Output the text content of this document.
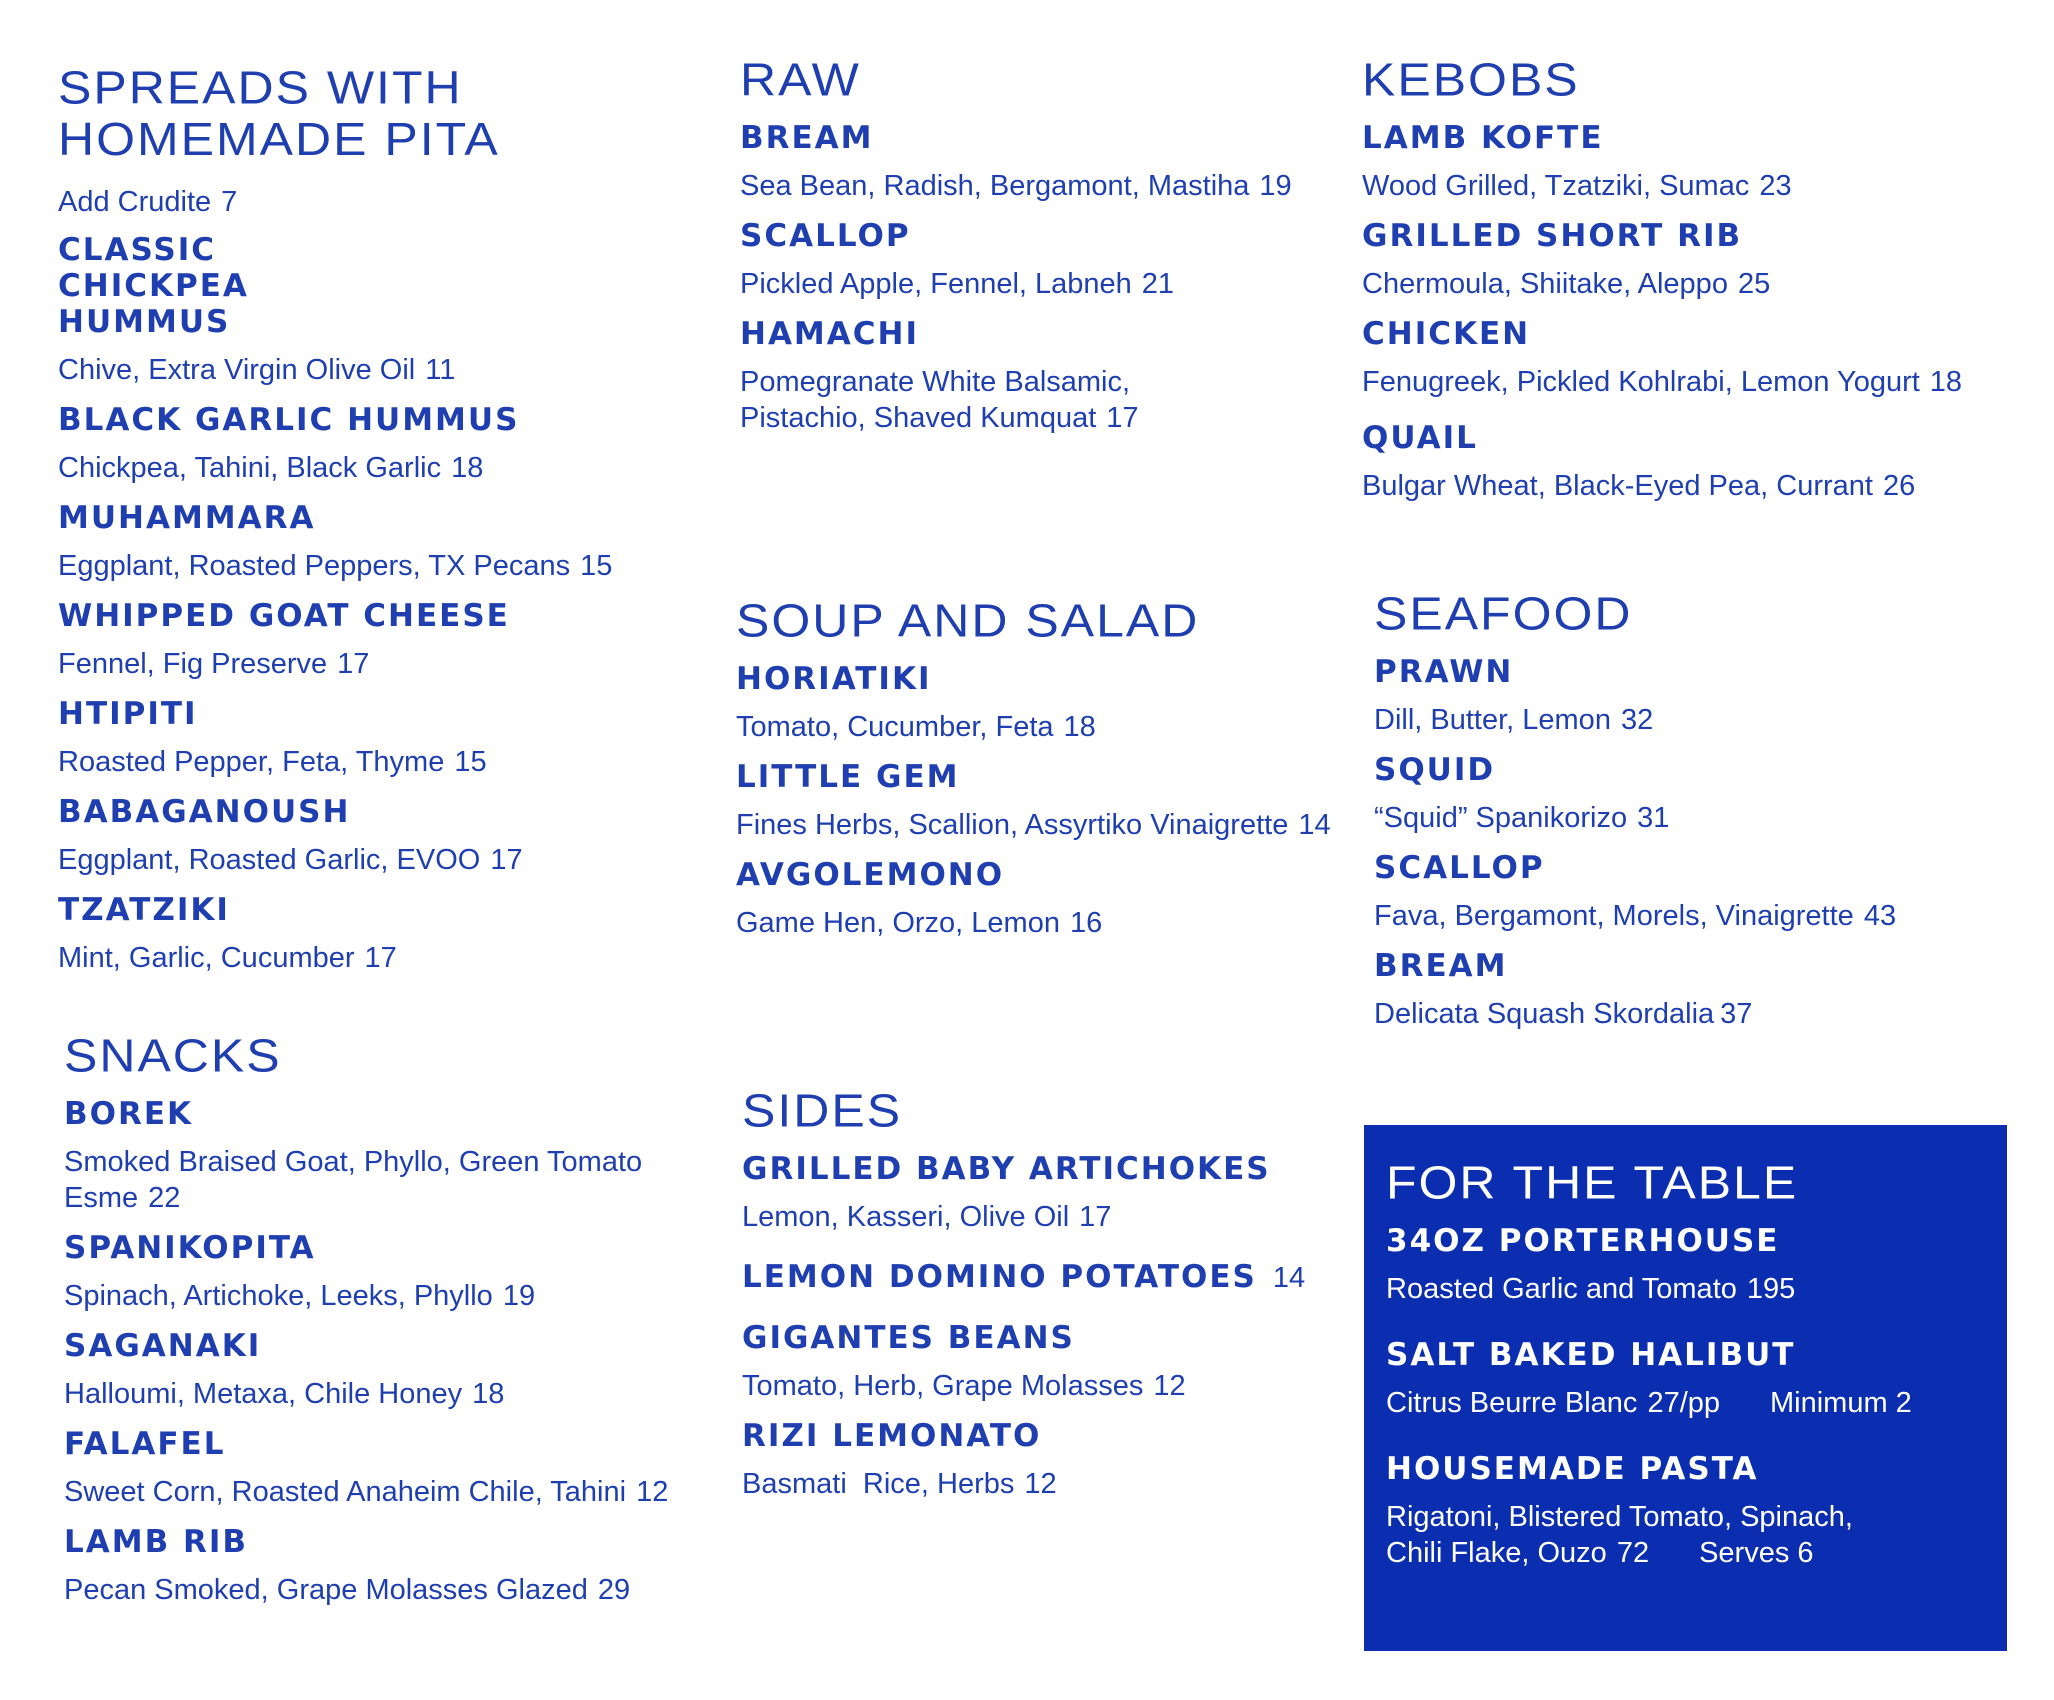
SPREADS WITH
HOMEMADE PITA
Add Crudite 7
CLASSIC CHICKPEA HUMMUS
Chive, Extra Virgin Olive Oil 11
BLACK GARLIC HUMMUS
Chickpea, Tahini, Black Garlic 18
MUHAMMARA
Eggplant, Roasted Peppers, TX Pecans 15
WHIPPED GOAT CHEESE
Fennel, Fig Preserve 17
HTIPITI
Roasted Pepper, Feta, Thyme 15
BABAGANOUSH
Eggplant, Roasted Garlic, EVOO 17
TZATZIKI
Mint, Garlic, Cucumber 17
SNACKS
BOREK
Smoked Braised Goat, Phyllo, Green Tomato Esme 22
SPANIKOPITA
Spinach, Artichoke, Leeks, Phyllo 19
SAGANAKI
Halloumi, Metaxa, Chile Honey 18
FALAFEL
Sweet Corn, Roasted Anaheim Chile, Tahini 12
LAMB RIB
Pecan Smoked, Grape Molasses Glazed 29
RAW
BREAM
Sea Bean, Radish, Bergamont, Mastiha 19
SCALLOP
Pickled Apple, Fennel, Labneh 21
HAMACHI
Pomegranate White Balsamic, Pistachio, Shaved Kumquat 17
SOUP AND SALAD
HORIATIKI
Tomato, Cucumber, Feta 18
LITTLE GEM
Fines Herbs, Scallion, Assyrtiko Vinaigrette 14
AVGOLEMONO
Game Hen, Orzo, Lemon 16
SIDES
GRILLED BABY ARTICHOKES
Lemon, Kasseri, Olive Oil 17
LEMON DOMINO POTATOES 14
GIGANTES BEANS
Tomato, Herb, Grape Molasses 12
RIZI LEMONATO
Basmati  Rice, Herbs 12
KEBOBS
LAMB KOFTE
Wood Grilled, Tzatziki, Sumac 23
GRILLED SHORT RIB
Chermoula, Shiitake, Aleppo 25
CHICKEN
Fenugreek, Pickled Kohlrabi, Lemon Yogurt 18
QUAIL
Bulgar Wheat, Black-Eyed Pea, Currant 26
SEAFOOD
PRAWN
Dill, Butter, Lemon 32
SQUID
“Squid” Spanikorizo 31
SCALLOP
Fava, Bergamont, Morels, Vinaigrette 43
BREAM
Delicata Squash Skordalia 37
FOR THE TABLE
34OZ PORTERHOUSE
Roasted Garlic and Tomato 195
SALT BAKED HALIBUT
Citrus Beurre Blanc 27/pp Minimum 2
HOUSEMADE PASTA
Rigatoni, Blistered Tomato, Spinach,
Chili Flake, Ouzo 72 Serves 6
